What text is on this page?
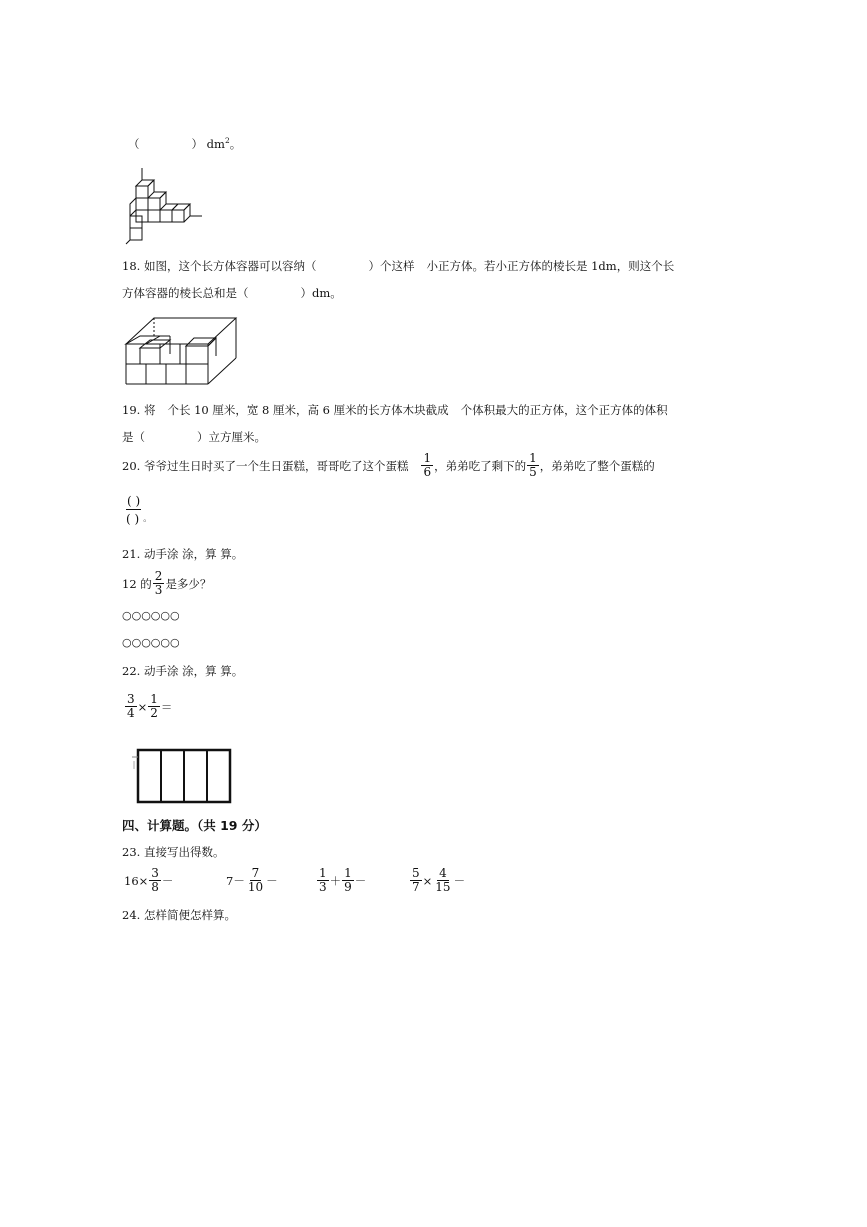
（	） $dm^2$。
18. 如图，这个长方体容器可以容纳（	）个这样 小正方体。若小正方体的棱长是 1dm，则这个长
方体容器的棱长总和是（	）dm。
19. 将 个长 10 厘米，宽 8 厘米，高 6 厘米的长方体木块截成 个体积最大的正方体，这个正方体的体积
是（	）立方厘米。
20. 爷爷过生日时买了一个生日蛋糕，哥哥吃了这个蛋糕 $\frac{1}{6}$ ，弟弟吃了剩下的 $\frac{1}{5}$ ，弟弟吃了整个蛋糕的
$\frac{( )}{( )}$ 。
21. 动手涂 涂，算 算。
12 的 $\frac{2}{3}$ 是多少？
○○○○○○
○○○○○○
22. 动手涂 涂，算 算。
$\frac{3}{4} \times \frac{1}{2}$ ＝
四、计算题。（共 19 分）
23. 直接写出得数。
$16\times \frac{3}{8}$ －	$7- \frac{7}{10}$ －	$\frac{1}{3} + \frac{1}{9}$ －	$\frac{5}{7} \times \frac{4}{15}$ －
24. 怎样简便怎样算。
